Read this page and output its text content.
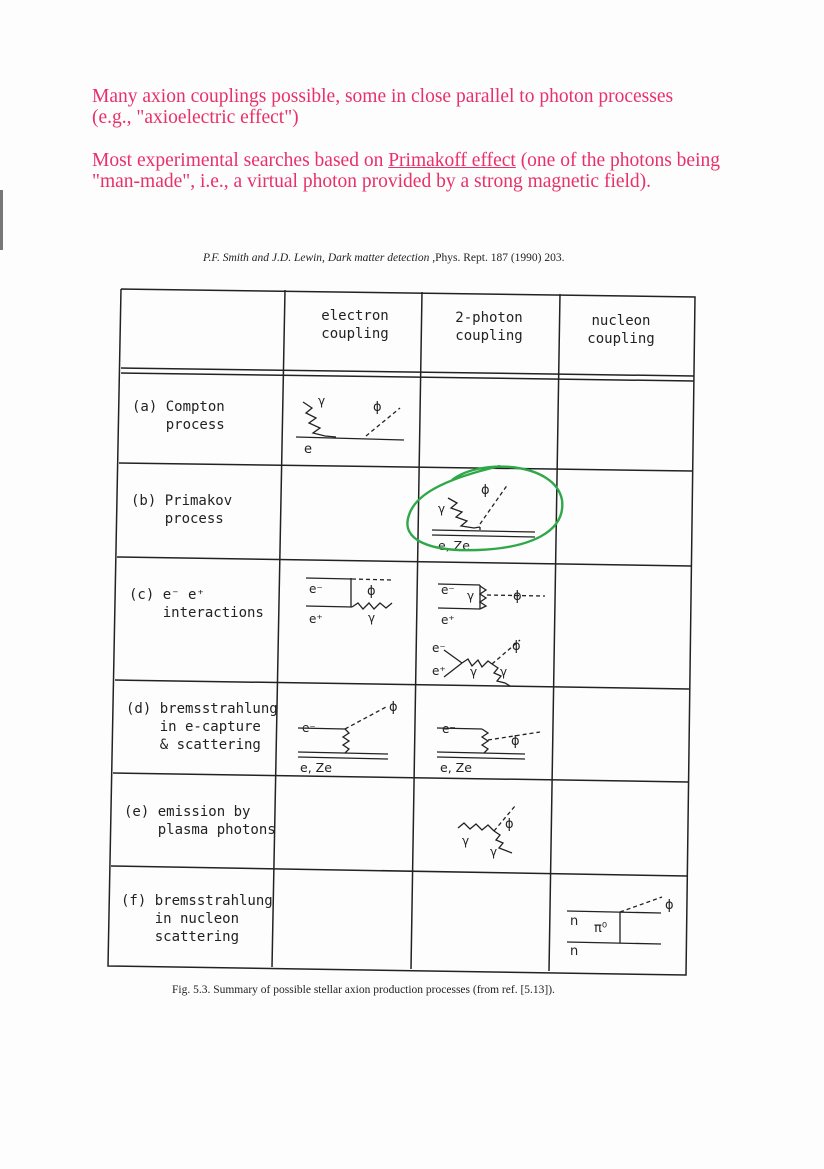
Many axion couplings possible, some in close parallel to photon processes
(e.g., "axioelectric effect")
Most experimental searches based on Primakoff effect (one of the photons being
"man-made", i.e., a virtual photon provided by a strong magnetic field).
P.F. Smith and J.D. Lewin, Dark matter detection ,Phys. Rept. 187 (1990) 203.
γ	ϕ
e
γ
ϕ
e, Ze
e⁻
e⁺
ϕ
γ
e⁻
e⁺
γ	ϕ
e⁻
e⁺ γ γ
ϕ
e⁻
ϕ
e, Ze
e⁻
ϕ
e, Ze
γ
γ
ϕ
n
n
π⁰
ϕ
electron
coupling
2-photon
coupling
nucleon
coupling
(a) Compton
process
(b) Primakov
process
(c) e⁻ e⁺
interactions
(d) bremsstrahlung
in e-capture
& scattering
(e) emission by
plasma photons
(f) bremsstrahlung
in nucleon
scattering
Fig. 5.3. Summary of possible stellar axion production processes (from ref. [5.13]).
